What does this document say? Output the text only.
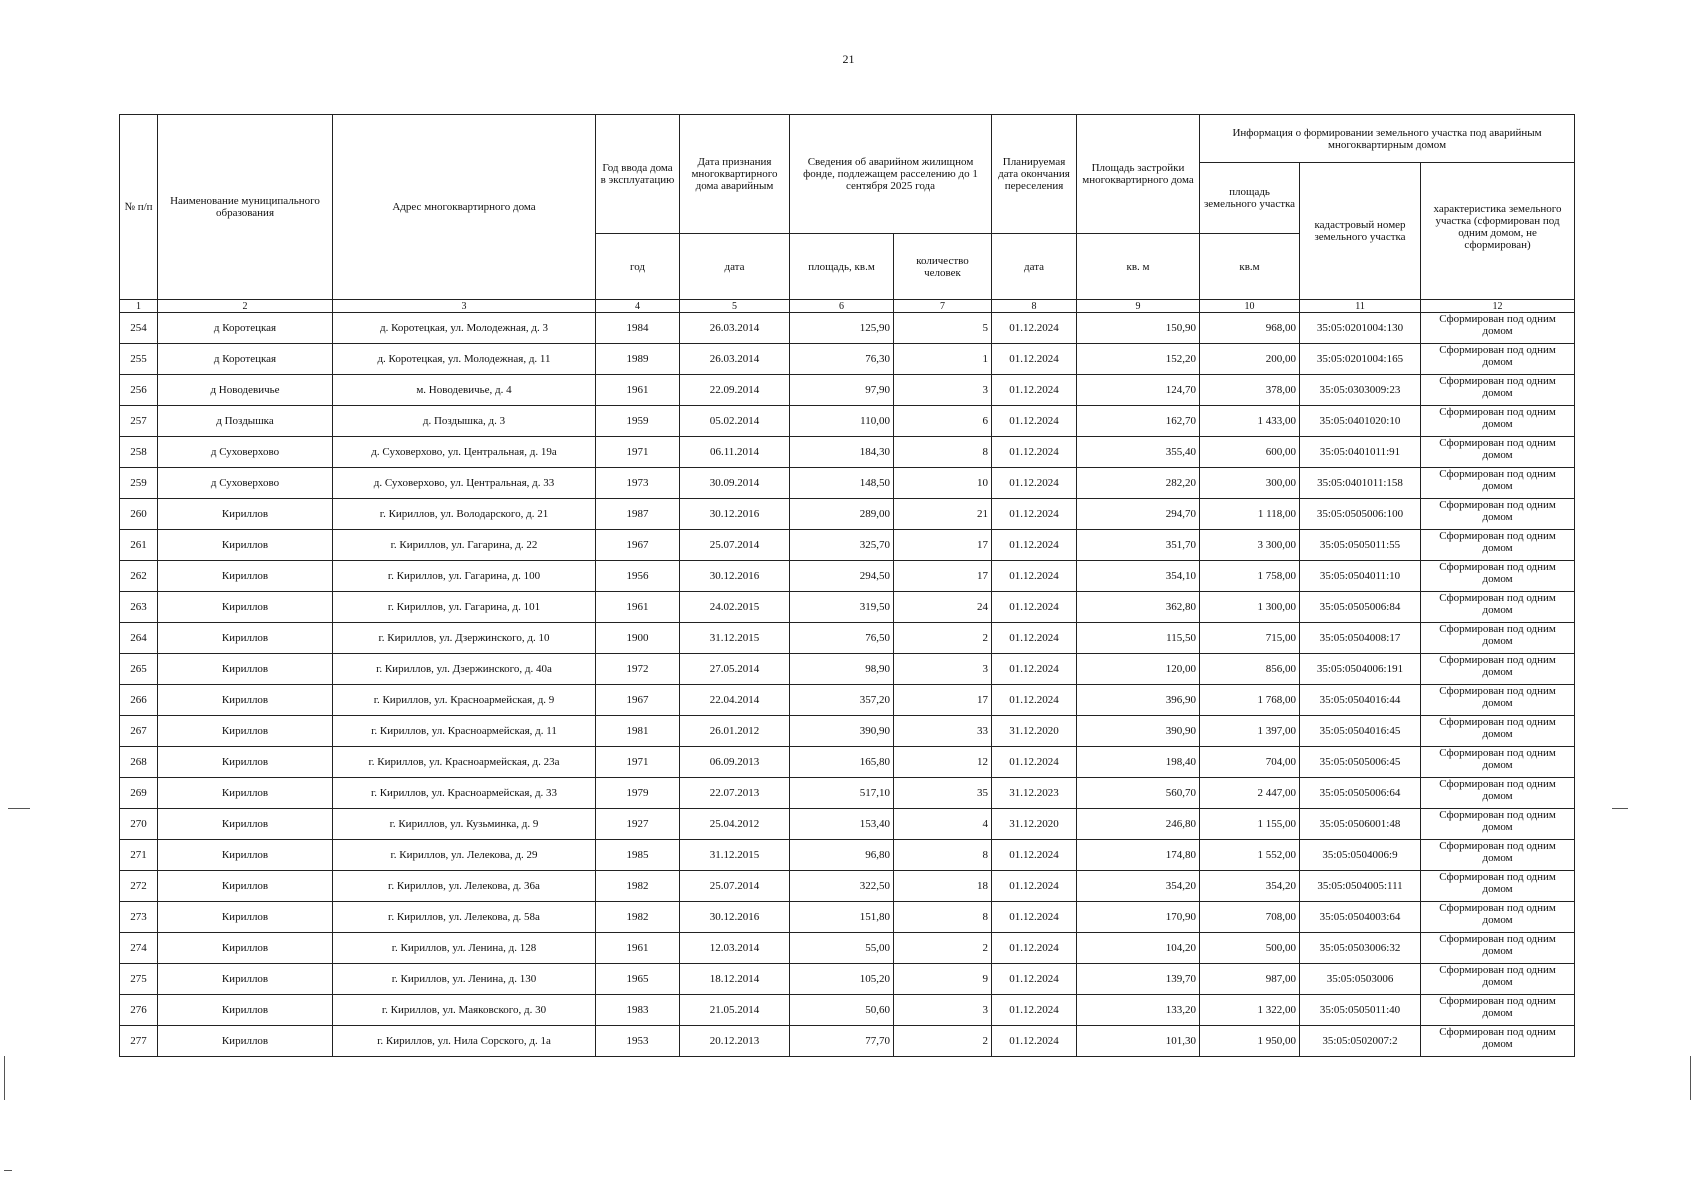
21
№ п/п	Наименование муниципального образования	Адрес многоквартирного дома	Год ввода дома в эксплуатацию	Дата признания многоквартирного дома аварийным	Сведения об аварийном жилищном фонде, подлежащем расселению до 1 сентября 2025 года		Планируемая дата окончания переселения	Площадь застройки многоквартирного дома	Информация о формировании земельного участка под аварийным многоквартирным домом		
									площадь земельного участка	кадастровый номер земельного участка	характеристика земельного участка (сформирован под одним домом, не сформирован)
			год	дата	площадь, кв.м	количество человек	дата	кв. м	кв.м		
1	2	3	4	5	6	7	8	9	10	11	12
254	д Коротецкая	д. Коротецкая, ул. Молодежная, д. 3	1984	26.03.2014	125,90	5	01.12.2024	150,90	968,00	35:05:0201004:130	Сформирован под одним домом
255	д Коротецкая	д. Коротецкая, ул. Молодежная, д. 11	1989	26.03.2014	76,30	1	01.12.2024	152,20	200,00	35:05:0201004:165	Сформирован под одним домом
256	д Новодевичье	м. Новодевичье, д. 4	1961	22.09.2014	97,90	3	01.12.2024	124,70	378,00	35:05:0303009:23	Сформирован под одним домом
257	д Поздышка	д. Поздышка, д. 3	1959	05.02.2014	110,00	6	01.12.2024	162,70	1 433,00	35:05:0401020:10	Сформирован под одним домом
258	д Суховерхово	д. Суховерхово, ул. Центральная, д. 19а	1971	06.11.2014	184,30	8	01.12.2024	355,40	600,00	35:05:0401011:91	Сформирован под одним домом
259	д Суховерхово	д. Суховерхово, ул. Центральная, д. 33	1973	30.09.2014	148,50	10	01.12.2024	282,20	300,00	35:05:0401011:158	Сформирован под одним домом
260	Кириллов	г. Кириллов, ул. Володарского, д. 21	1987	30.12.2016	289,00	21	01.12.2024	294,70	1 118,00	35:05:0505006:100	Сформирован под одним домом
261	Кириллов	г. Кириллов, ул. Гагарина, д. 22	1967	25.07.2014	325,70	17	01.12.2024	351,70	3 300,00	35:05:0505011:55	Сформирован под одним домом
262	Кириллов	г. Кириллов, ул. Гагарина, д. 100	1956	30.12.2016	294,50	17	01.12.2024	354,10	1 758,00	35:05:0504011:10	Сформирован под одним домом
263	Кириллов	г. Кириллов, ул. Гагарина, д. 101	1961	24.02.2015	319,50	24	01.12.2024	362,80	1 300,00	35:05:0505006:84	Сформирован под одним домом
264	Кириллов	г. Кириллов, ул. Дзержинского, д. 10	1900	31.12.2015	76,50	2	01.12.2024	115,50	715,00	35:05:0504008:17	Сформирован под одним домом
265	Кириллов	г. Кириллов, ул. Дзержинского, д. 40а	1972	27.05.2014	98,90	3	01.12.2024	120,00	856,00	35:05:0504006:191	Сформирован под одним домом
266	Кириллов	г. Кириллов, ул. Красноармейская, д. 9	1967	22.04.2014	357,20	17	01.12.2024	396,90	1 768,00	35:05:0504016:44	Сформирован под одним домом
267	Кириллов	г. Кириллов, ул. Красноармейская, д. 11	1981	26.01.2012	390,90	33	31.12.2020	390,90	1 397,00	35:05:0504016:45	Сформирован под одним домом
268	Кириллов	г. Кириллов, ул. Красноармейская, д. 23а	1971	06.09.2013	165,80	12	01.12.2024	198,40	704,00	35:05:0505006:45	Сформирован под одним домом
269	Кириллов	г. Кириллов, ул. Красноармейская, д. 33	1979	22.07.2013	517,10	35	31.12.2023	560,70	2 447,00	35:05:0505006:64	Сформирован под одним домом
270	Кириллов	г. Кириллов, ул. Кузьминка, д. 9	1927	25.04.2012	153,40	4	31.12.2020	246,80	1 155,00	35:05:0506001:48	Сформирован под одним домом
271	Кириллов	г. Кириллов, ул. Лелекова, д. 29	1985	31.12.2015	96,80	8	01.12.2024	174,80	1 552,00	35:05:0504006:9	Сформирован под одним домом
272	Кириллов	г. Кириллов, ул. Лелекова, д. 36а	1982	25.07.2014	322,50	18	01.12.2024	354,20	354,20	35:05:0504005:111	Сформирован под одним домом
273	Кириллов	г. Кириллов, ул. Лелекова, д. 58а	1982	30.12.2016	151,80	8	01.12.2024	170,90	708,00	35:05:0504003:64	Сформирован под одним домом
274	Кириллов	г. Кириллов, ул. Ленина, д. 128	1961	12.03.2014	55,00	2	01.12.2024	104,20	500,00	35:05:0503006:32	Сформирован под одним домом
275	Кириллов	г. Кириллов, ул. Ленина, д. 130	1965	18.12.2014	105,20	9	01.12.2024	139,70	987,00	35:05:0503006	Сформирован под одним домом
276	Кириллов	г. Кириллов, ул. Маяковского, д. 30	1983	21.05.2014	50,60	3	01.12.2024	133,20	1 322,00	35:05:0505011:40	Сформирован под одним домом
277	Кириллов	г. Кириллов, ул. Нила Сорского, д. 1а	1953	20.12.2013	77,70	2	01.12.2024	101,30	1 950,00	35:05:0502007:2	Сформирован под одним домом
